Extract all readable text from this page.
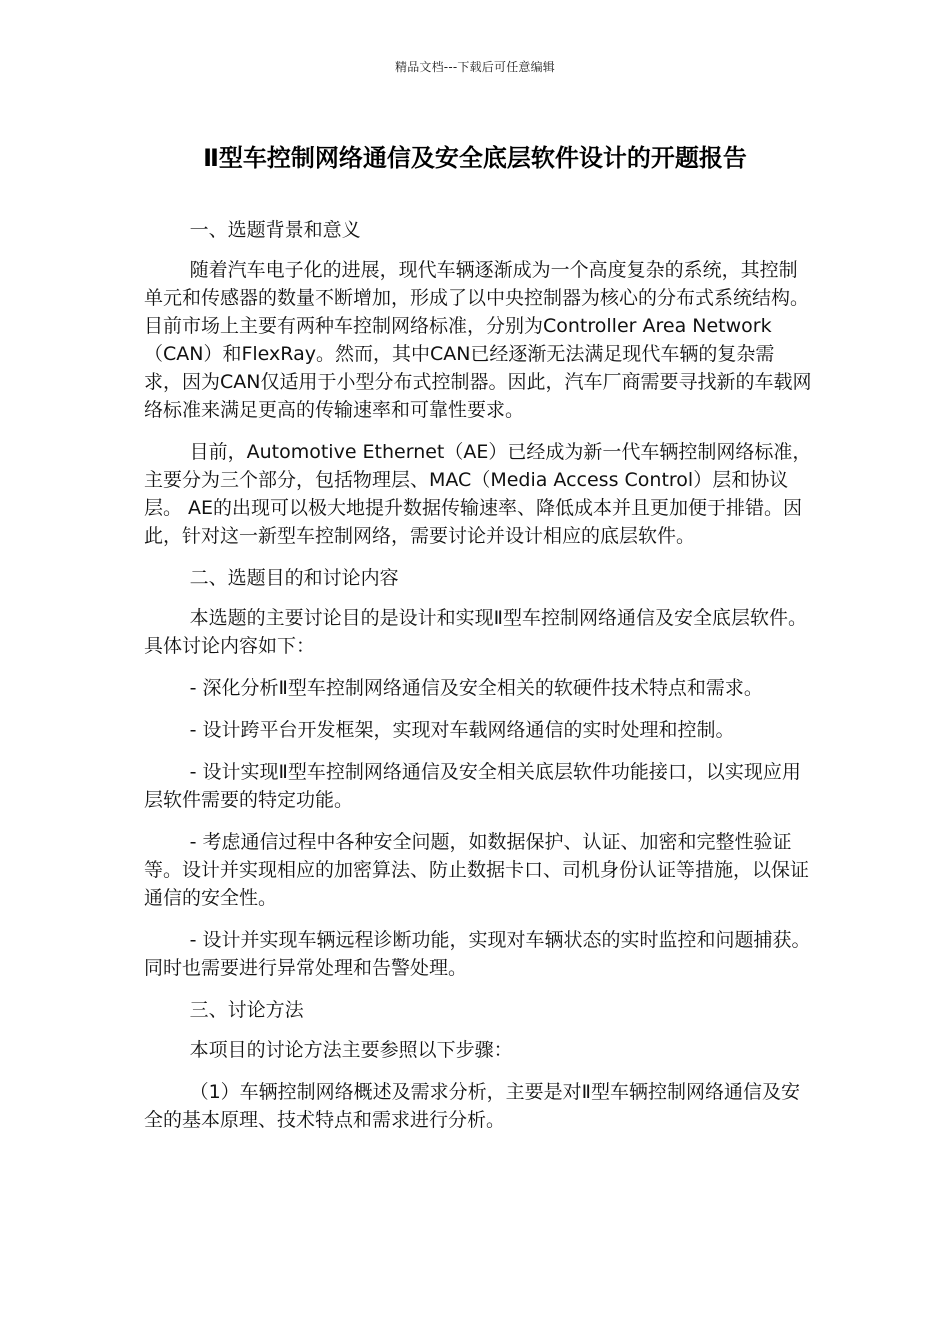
精品文档---下载后可任意编辑
Ⅱ型车控制网络通信及安全底层软件设计的开题报告

一、选题背景和意义

随着汽车电子化的进展，现代车辆逐渐成为一个高度复杂的系统，其控制单元和传感器的数量不断增加，形成了以中央控制器为核心的分布式系统结构。目前市场上主要有两种车控制网络标准，分别为Controller Area Network（CAN）和FlexRay。然而，其中CAN已经逐渐无法满足现代车辆的复杂需求，因为CAN仅适用于小型分布式控制器。因此，汽车厂商需要寻找新的车载网络标准来满足更高的传输速率和可靠性要求。

目前，Automotive Ethernet（AE）已经成为新一代车辆控制网络标准，主要分为三个部分，包括物理层、MAC（Media Access Control）层和协议层。 AE的出现可以极大地提升数据传输速率、降低成本并且更加便于排错。因此，针对这一新型车控制网络，需要讨论并设计相应的底层软件。

二、选题目的和讨论内容

本选题的主要讨论目的是设计和实现Ⅱ型车控制网络通信及安全底层软件。具体讨论内容如下：

- 深化分析Ⅱ型车控制网络通信及安全相关的软硬件技术特点和需求。

- 设计跨平台开发框架，实现对车载网络通信的实时处理和控制。

- 设计实现Ⅱ型车控制网络通信及安全相关底层软件功能接口，以实现应用层软件需要的特定功能。

- 考虑通信过程中各种安全问题，如数据保护、认证、加密和完整性验证等。设计并实现相应的加密算法、防止数据卡口、司机身份认证等措施，以保证通信的安全性。

- 设计并实现车辆远程诊断功能，实现对车辆状态的实时监控和问题捕获。同时也需要进行异常处理和告警处理。

三、讨论方法

本项目的讨论方法主要参照以下步骤：

（1）车辆控制网络概述及需求分析，主要是对Ⅱ型车辆控制网络通信及安全的基本原理、技术特点和需求进行分析。
